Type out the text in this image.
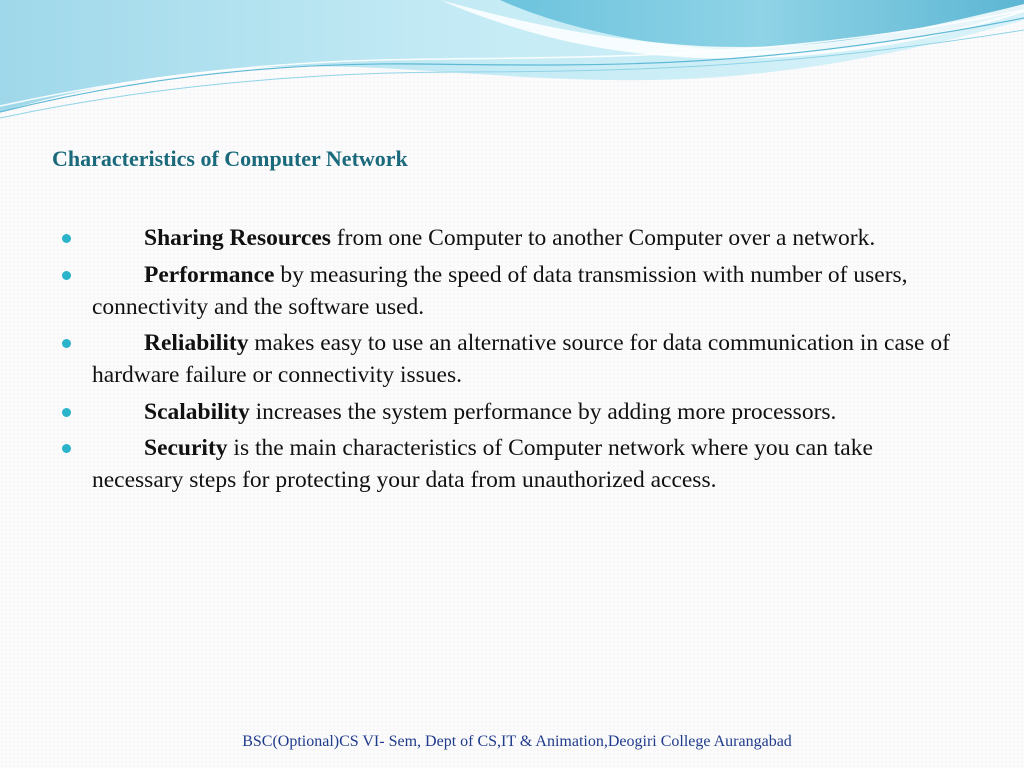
Characteristics of Computer Network
Sharing Resources from one Computer to another Computer over a network.
Performance by measuring the speed of data transmission with number of users, connectivity and the software used.
Reliability makes easy to use an alternative source for data communication in case of hardware failure or connectivity issues.
Scalability increases the system performance by adding more processors.
Security is the main characteristics of Computer network where you can take necessary steps for protecting your data from unauthorized access.
BSC(Optional)CS VI- Sem, Dept of CS,IT & Animation,Deogiri College Aurangabad
